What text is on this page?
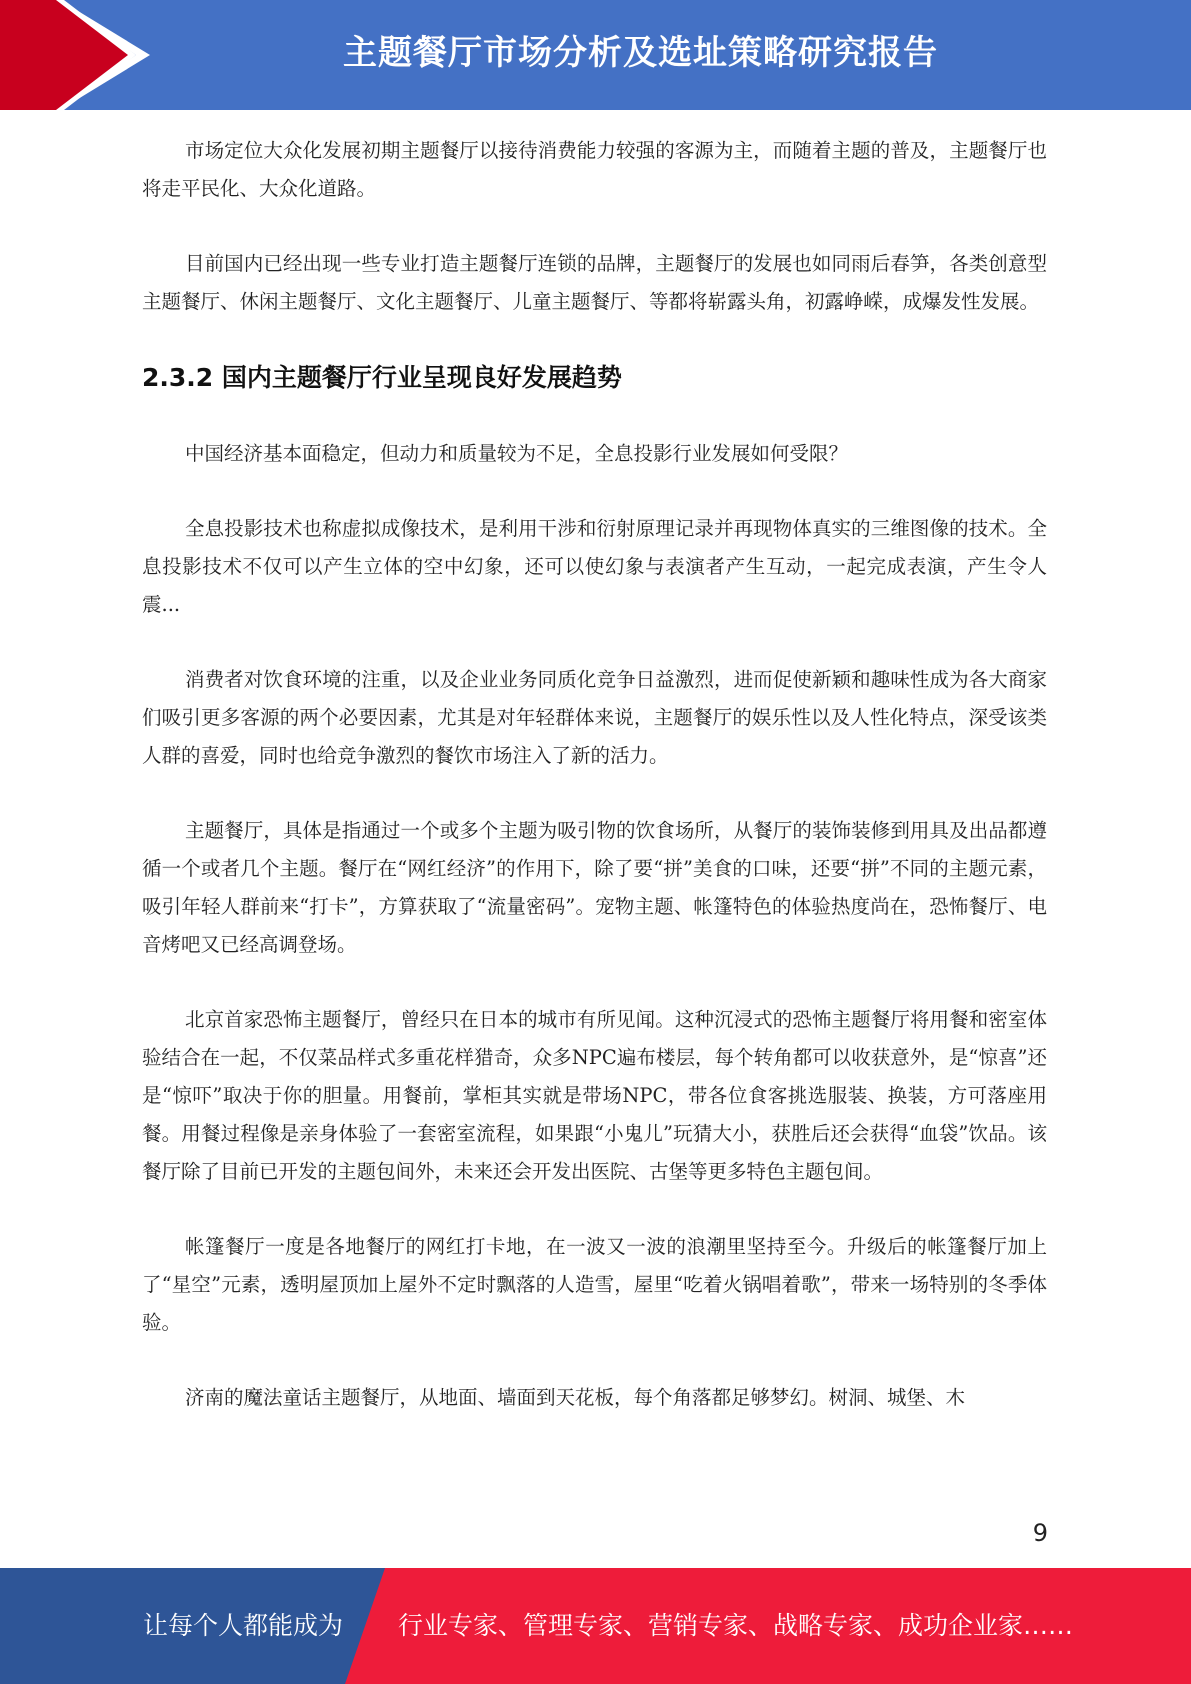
主题餐厅市场分析及选址策略研究报告

市场定位大众化发展初期主题餐厅以接待消费能力较强的客源为主，而随着主题的普及，主题餐厅也将走平民化、大众化道路。

目前国内已经出现一些专业打造主题餐厅连锁的品牌，主题餐厅的发展也如同雨后春笋，各类创意型主题餐厅、休闲主题餐厅、文化主题餐厅、儿童主题餐厅、等都将崭露头角，初露峥嵘，成爆发性发展。

2.3.2 国内主题餐厅行业呈现良好发展趋势

中国经济基本面稳定，但动力和质量较为不足，全息投影行业发展如何受限？

全息投影技术也称虚拟成像技术，是利用干涉和衍射原理记录并再现物体真实的三维图像的技术。全息投影技术不仅可以产生立体的空中幻象，还可以使幻象与表演者产生互动，一起完成表演，产生令人震...

消费者对饮食环境的注重，以及企业业务同质化竞争日益激烈，进而促使新颖和趣味性成为各大商家们吸引更多客源的两个必要因素，尤其是对年轻群体来说，主题餐厅的娱乐性以及人性化特点，深受该类人群的喜爱，同时也给竞争激烈的餐饮市场注入了新的活力。

主题餐厅，具体是指通过一个或多个主题为吸引物的饮食场所，从餐厅的装饰装修到用具及出品都遵循一个或者几个主题。餐厅在“网红经济”的作用下，除了要“拼”美食的口味，还要“拼”不同的主题元素，吸引年轻人群前来“打卡”，方算获取了“流量密码”。宠物主题、帐篷特色的体验热度尚在，恐怖餐厅、电音烤吧又已经高调登场。

北京首家恐怖主题餐厅，曾经只在日本的城市有所见闻。这种沉浸式的恐怖主题餐厅将用餐和密室体验结合在一起，不仅菜品样式多重花样猎奇，众多NPC遍布楼层，每个转角都可以收获意外，是“惊喜”还是“惊吓”取决于你的胆量。用餐前，掌柜其实就是带场NPC，带各位食客挑选服装、换装，方可落座用餐。用餐过程像是亲身体验了一套密室流程，如果跟“小鬼儿”玩猜大小，获胜后还会获得“血袋”饮品。该餐厅除了目前已开发的主题包间外，未来还会开发出医院、古堡等更多特色主题包间。

帐篷餐厅一度是各地餐厅的网红打卡地，在一波又一波的浪潮里坚持至今。升级后的帐篷餐厅加上了“星空”元素，透明屋顶加上屋外不定时飘落的人造雪，屋里“吃着火锅唱着歌”，带来一场特别的冬季体验。

济南的魔法童话主题餐厅，从地面、墙面到天花板，每个角落都足够梦幻。树洞、城堡、木

9
让每个人都能成为 行业专家、管理专家、营销专家、战略专家、成功企业家……
